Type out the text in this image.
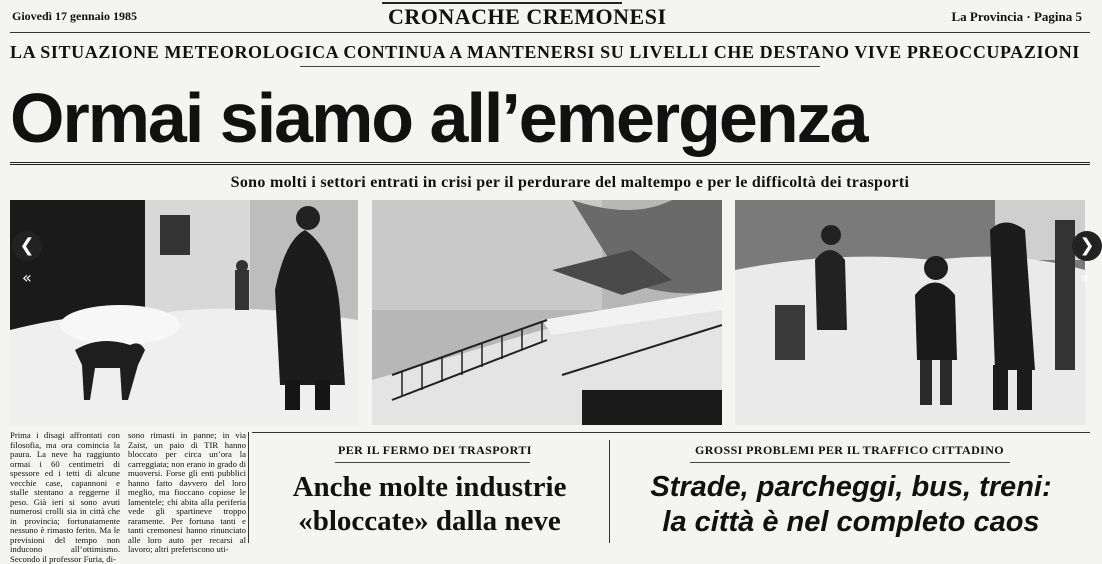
Giovedì 17 gennaio 1985	CRONACHE CREMONESI	La Provincia · Pagina 5
LA SITUAZIONE METEOROLOGICA CONTINUA A MANTENERSI SU LIVELLI CHE DESTANO VIVE PREOCCUPAZIONI
Ormai siamo all’emergenza
Sono molti i settori entrati in crisi per il perdurare del maltempo e per le difficoltà dei trasporti
❮	❯
«	»
Prima i disagi affrontati con filosofia, ma ora comincia la paura. La neve ha raggiunto ormai i 60 centimetri di spessore ed i tetti di alcune vecchie case, capannoni e stalle stentano a reggerne il peso. Già ieri si sono avuti numerosi crolli sia in città che in provincia; fortunatamente nessuno è rimasto ferito. Ma le previsioni del tempo non inducono all’ottimismo. Secondo il professor Furia, di-
sono rimasti in panne; in via Zaist, un paio di TIR hanno bloccato per circa un’ora la carreggiata; non erano in grado di muoversi. Forse gli enti pubblici hanno fatto davvero del loro meglio, ma fioccano copiose le lamentele; chi abita alla periferia vede gli spartineve troppo raramente. Per fortuna tanti e tanti cremonesi hanno rinunciato alle loro auto per recarsi al lavoro; altri preferiscono uti-
PER IL FERMO DEI TRASPORTI
Anche molte industrie
«bloccate» dalla neve
GROSSI PROBLEMI PER IL TRAFFICO CITTADINO
Strade, parcheggi, bus, treni:
la città è nel completo caos
